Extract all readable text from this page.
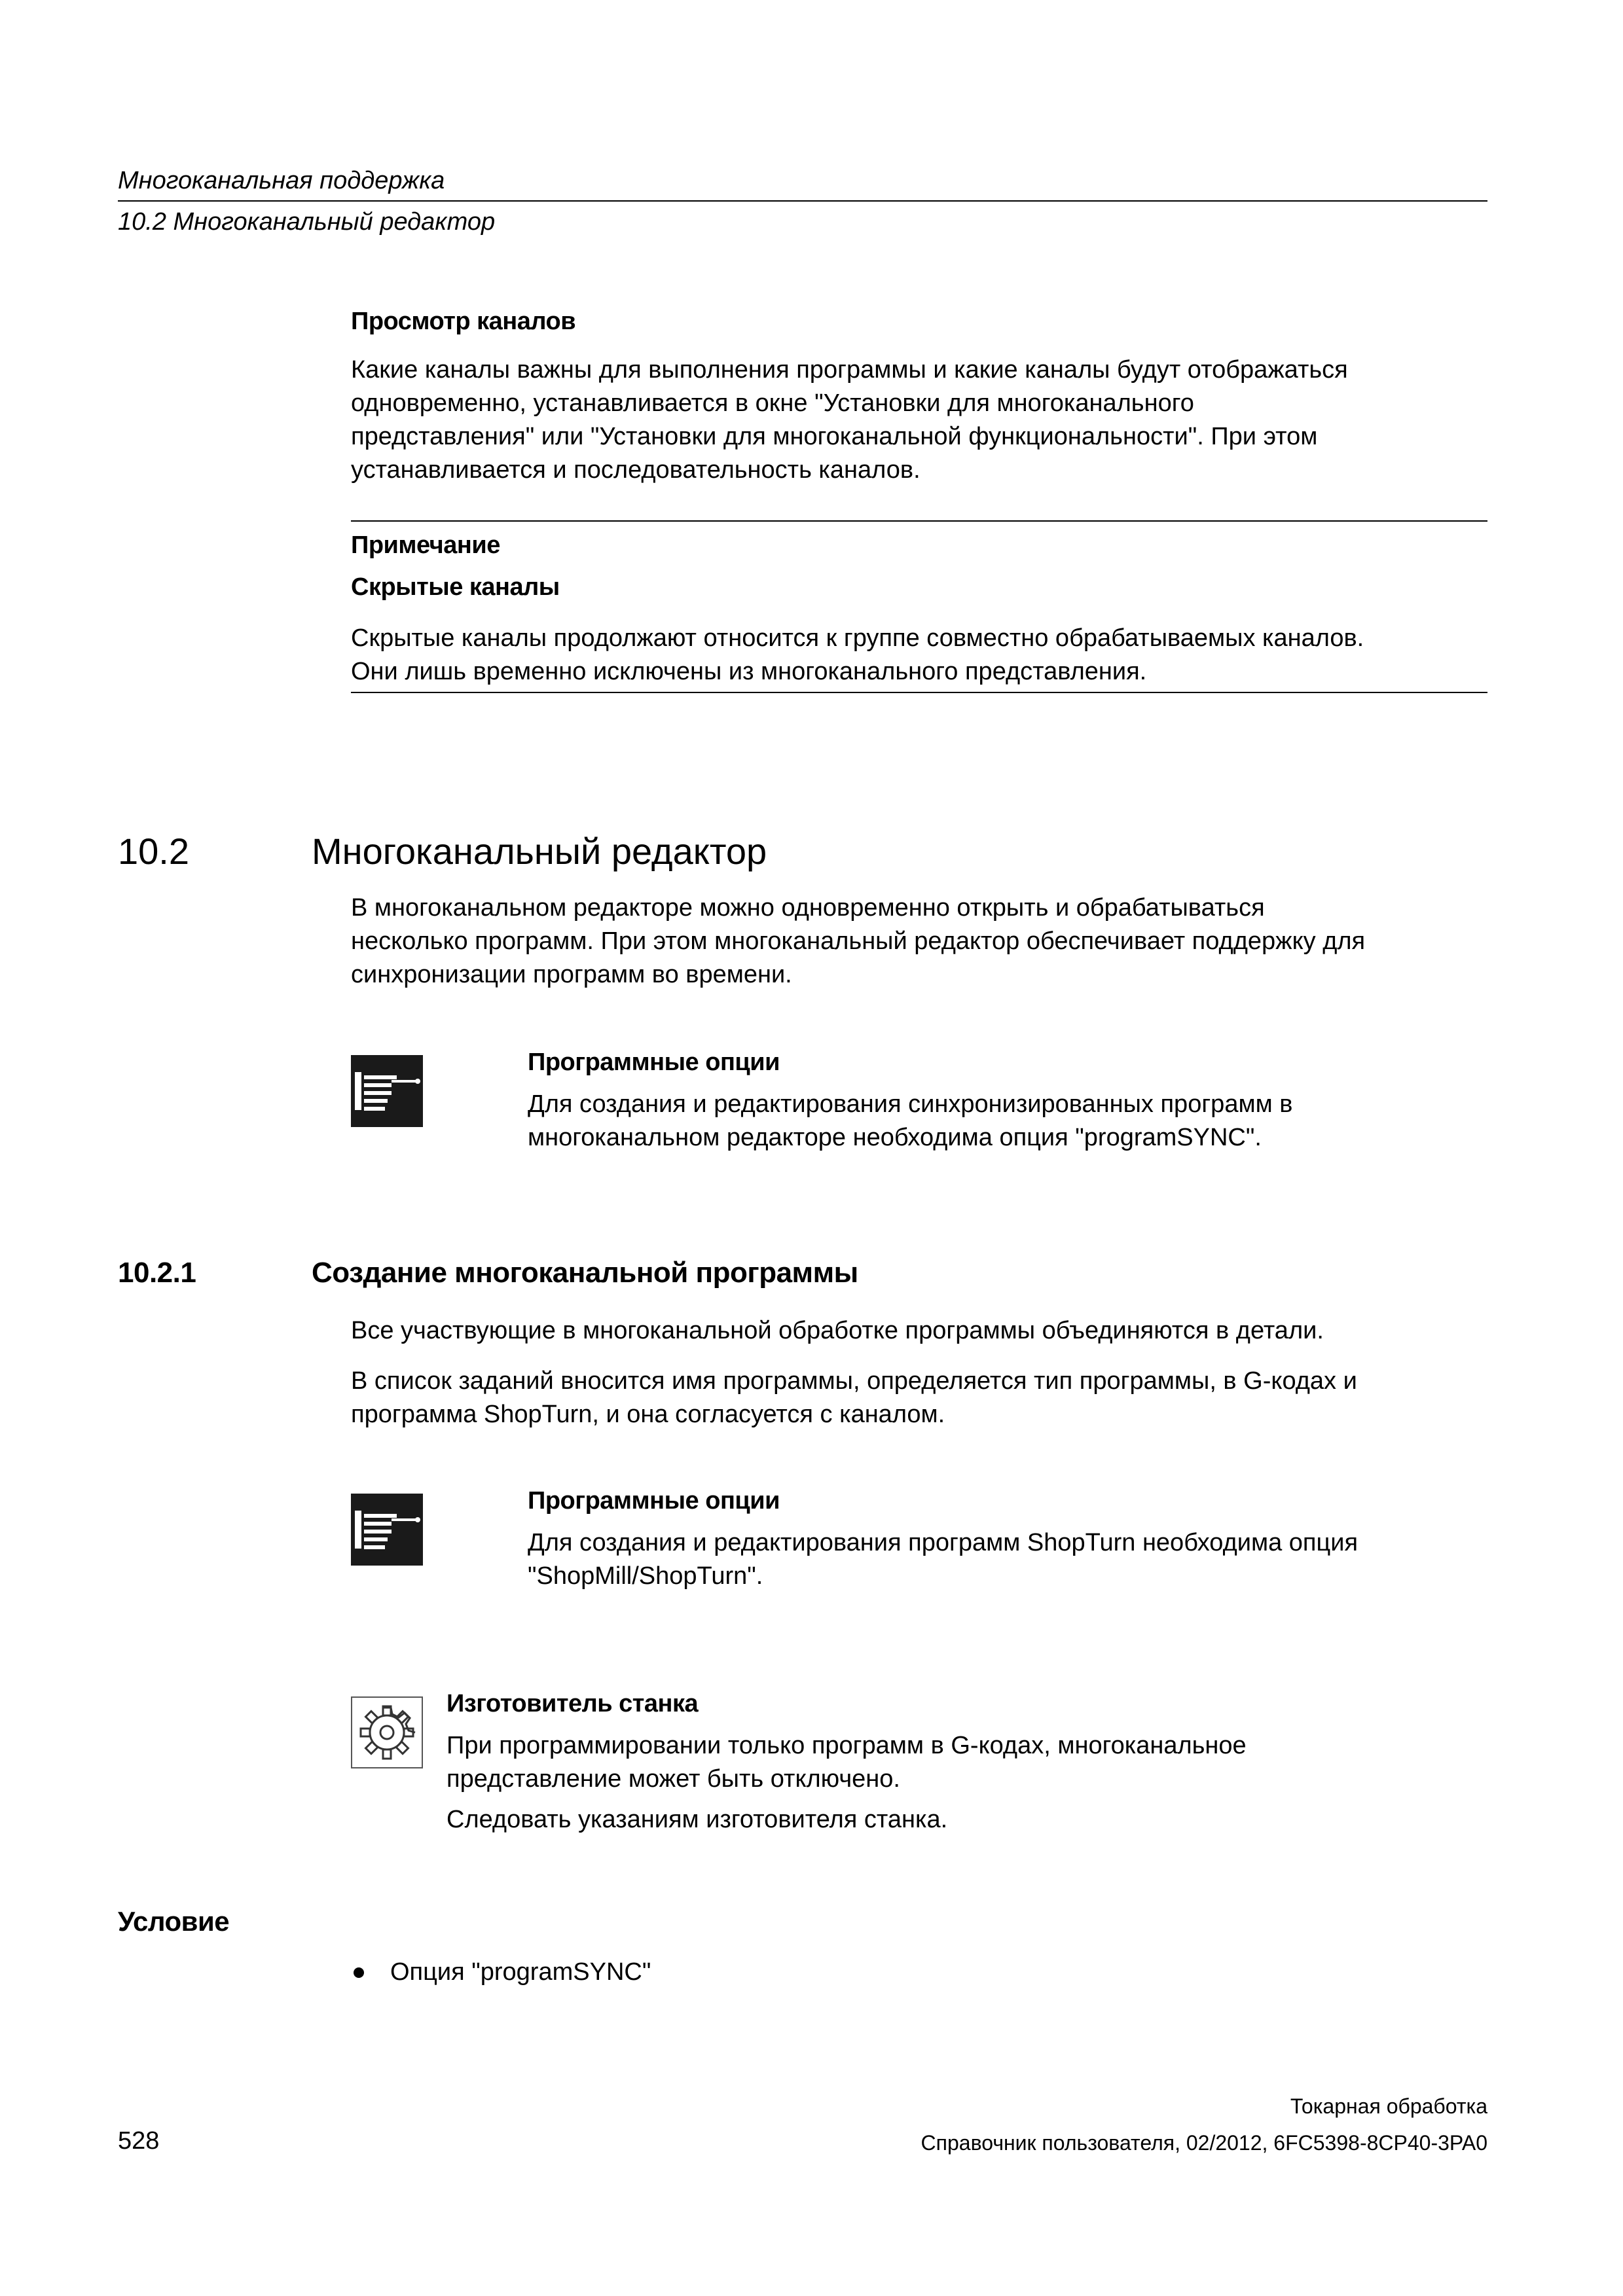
Многоканальная поддержка
10.2 Многоканальный редактор
Просмотр каналов
Какие каналы важны для выполнения программы и какие каналы будут отображаться
одновременно, устанавливается в окне "Установки для многоканального
представления" или "Установки для многоканальной функциональности". При этом
устанавливается и последовательность каналов.
Примечание
Скрытые каналы
Скрытые каналы продолжают относится к группе совместно обрабатываемых каналов.
Они лишь временно исключены из многоканального представления.
10.2	Многоканальный редактор
В многоканальном редакторе можно одновременно открыть и обрабатываться
несколько программ. При этом многоканальный редактор обеспечивает поддержку для
синхронизации программ во времени.
Программные опции
Для создания и редактирования синхронизированных программ в
многоканальном редакторе необходима опция "programSYNC".
10.2.1	Создание многоканальной программы
Все участвующие в многоканальной обработке программы объединяются в детали.
В список заданий вносится имя программы, определяется тип программы, в G-кодах и
программа ShopTurn, и она согласуется с каналом.
Программные опции
Для создания и редактирования программ ShopTurn необходима опция
"ShopMill/ShopTurn".
Изготовитель станка
При программировании только программ в G-кодах, многоканальное
представление может быть отключено.
Следовать указаниям изготовителя станка.
Условие
Опция "programSYNC"
Токарная обработка
528	Справочник пользователя, 02/2012, 6FC5398-8CP40-3PA0
